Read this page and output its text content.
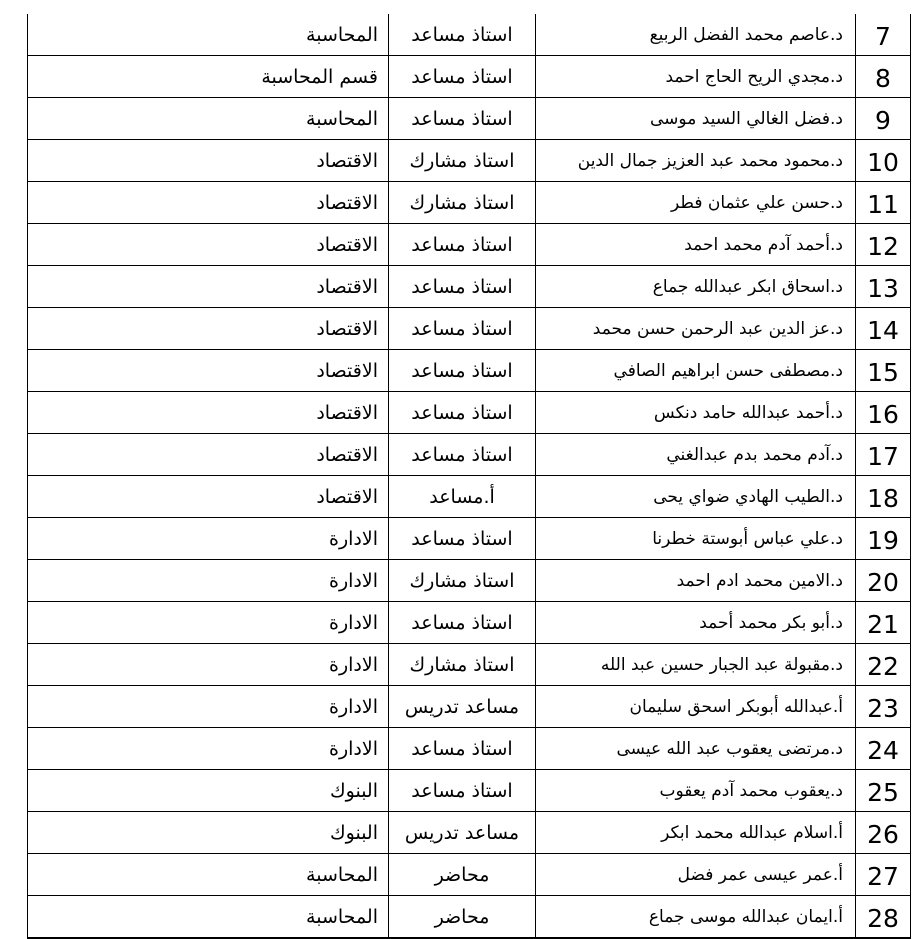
المحاسبة	استاذ مساعد	د.عاصم محمد الفضل الربيع	7
قسم المحاسبة	استاذ مساعد	د.مجدي الريح الحاج احمد	8
المحاسبة	استاذ مساعد	د.فضل الغالي السيد موسى	9
الاقتصاد	استاذ مشارك	د.محمود محمد عبد العزيز جمال الدين	10
الاقتصاد	استاذ مشارك	د.حسن علي عثمان فطر	11
الاقتصاد	استاذ مساعد	د.أحمد آدم محمد احمد	12
الاقتصاد	استاذ مساعد	د.اسحاق ابكر عبدالله جماع	13
الاقتصاد	استاذ مساعد	د.عز الدين عبد الرحمن حسن محمد	14
الاقتصاد	استاذ مساعد	د.مصطفى حسن ابراهيم الصافي	15
الاقتصاد	استاذ مساعد	د.أحمد عبدالله حامد دنكس	16
الاقتصاد	استاذ مساعد	د.آدم محمد بدم عبدالغني	17
الاقتصاد	أ.مساعد	د.الطيب الهادي ضواي يحى	18
الادارة	استاذ مساعد	د.علي عباس أبوستة خطرنا	19
الادارة	استاذ مشارك	د.الامين محمد ادم احمد	20
الادارة	استاذ مساعد	د.أبو بكر محمد أحمد	21
الادارة	استاذ مشارك	د.مقبولة عبد الجبار حسين عبد الله	22
الادارة	مساعد تدريس	أ.عبدالله أبوبكر اسحق سليمان	23
الادارة	استاذ مساعد	د.مرتضى يعقوب عبد الله عيسى	24
البنوك	استاذ مساعد	د.يعقوب محمد آدم يعقوب	25
البنوك	مساعد تدريس	أ.اسلام عبدالله محمد ابكر	26
المحاسبة	محاضر	أ.عمر عيسى عمر فضل	27
المحاسبة	محاضر	أ.ايمان عبدالله موسى جماع	28
